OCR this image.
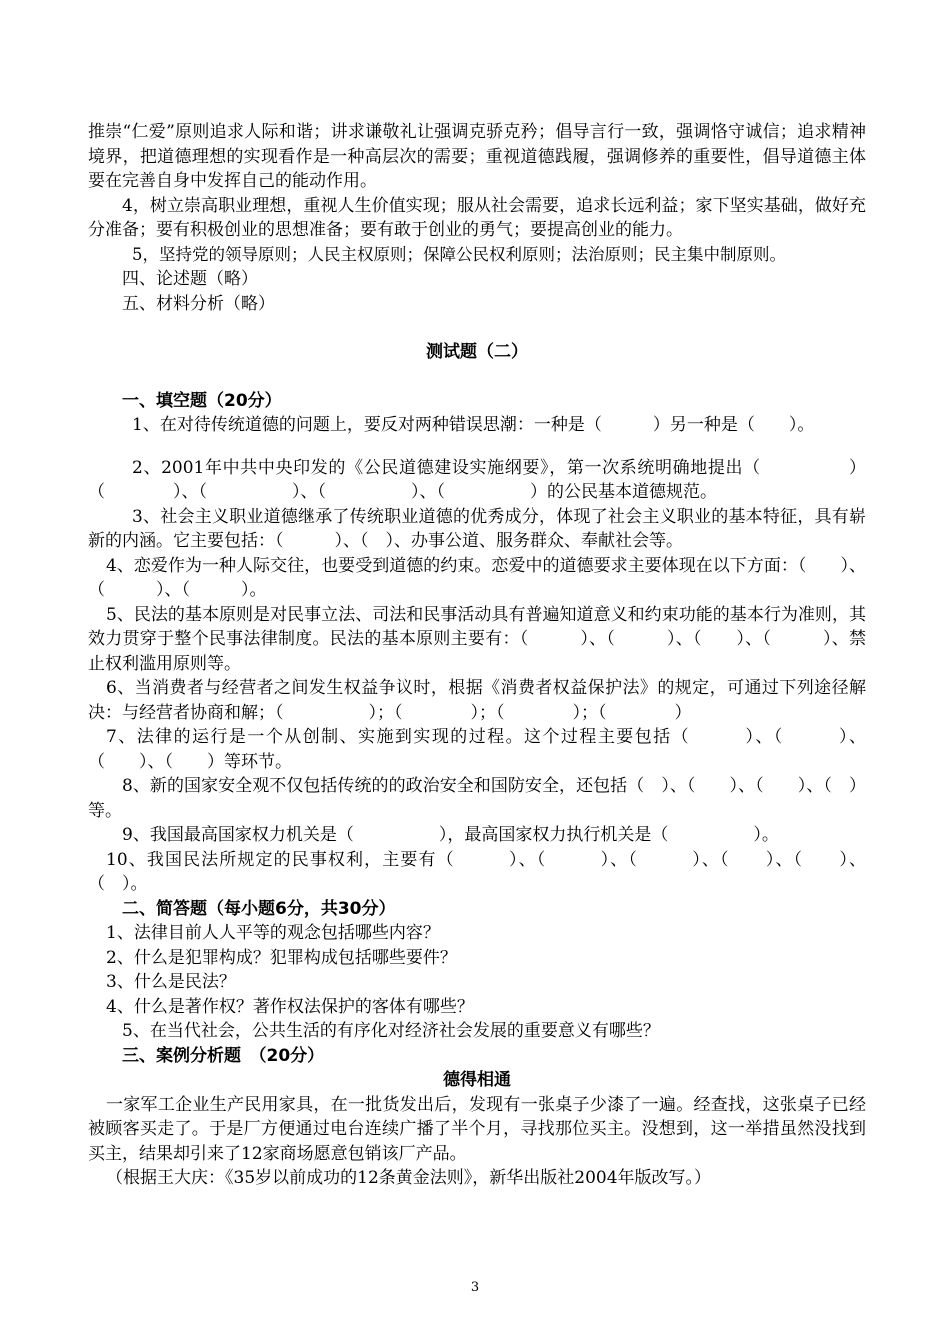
推崇“仁爱”原则追求人际和谐；讲求谦敬礼让强调克骄克矜；倡导言行一致，强调恪守诚信；追求精神境界，把道德理想的实现看作是一种高层次的需要；重视道德践履，强调修养的重要性，倡导道德主体要在完善自身中发挥自己的能动作用。

4，树立崇高职业理想，重视人生价值实现；服从社会需要，追求长远利益；家下坚实基础，做好充分准备；要有积极创业的思想准备；要有敢于创业的勇气；要提高创业的能力。

5，坚持党的领导原则；人民主权原则；保障公民权利原则；法治原则；民主集中制原则。

四、论述题（略）

五、材料分析（略）

测试题（二）

一、填空题（20分）

1、在对待传统道德的问题上，要反对两种错误思潮：一种是（　　　）另一种是（　　）。

2、2001年中共中央印发的《公民道德建设实施纲要》，第一次系统明确地提出（　　　　　）（　　　　）、（　　　　　）、（　　　　　）、（　　　　　）的公民基本道德规范。

3、社会主义职业道德继承了传统职业道德的优秀成分，体现了社会主义职业的基本特征，具有崭新的内涵。它主要包括：（　　　）、（　）、办事公道、服务群众、奉献社会等。

4、恋爱作为一种人际交往，也要受到道德的约束。恋爱中的道德要求主要体现在以下方面：（　　）、（　　　）、（　　　）。

5、民法的基本原则是对民事立法、司法和民事活动具有普遍知道意义和约束功能的基本行为准则，其效力贯穿于整个民事法律制度。民法的基本原则主要有：（　　　）、（　　　）、（　　）、（　　　）、禁止权利滥用原则等。

6、当消费者与经营者之间发生权益争议时，根据《消费者权益保护法》的规定，可通过下列途径解决：与经营者协商和解；（　　　　　）；（　　　　）；（　　　　）；（　　　　）

7、法律的运行是一个从创制、实施到实现的过程。这个过程主要包括（　　　）、（　　　）、（　　）、（　　）等环节。

8、新的国家安全观不仅包括传统的的政治安全和国防安全，还包括（　）、（　　）、（　　）、（　）等。

9、我国最高国家权力机关是（　　　　　），最高国家权力执行机关是（　　　　　）。

10、我国民法所规定的民事权利，主要有（　　　）、（　　　）、（　　　）、（　　）、（　　）、（　）。

二、简答题（每小题6分，共30分）

1、法律目前人人平等的观念包括哪些内容？

2、什么是犯罪构成？犯罪构成包括哪些要件？

3、什么是民法？

4、什么是著作权？著作权法保护的客体有哪些？

5、在当代社会，公共生活的有序化对经济社会发展的重要意义有哪些？

三、案例分析题　（20分）

德得相通

一家军工企业生产民用家具，在一批货发出后，发现有一张桌子少漆了一遍。经查找，这张桌子已经被顾客买走了。于是厂方便通过电台连续广播了半个月，寻找那位买主。没想到，这一举措虽然没找到买主，结果却引来了12家商场愿意包销该厂产品。

（根据王大庆：《35岁以前成功的12条黄金法则》，新华出版社2004年版改写。）

3
